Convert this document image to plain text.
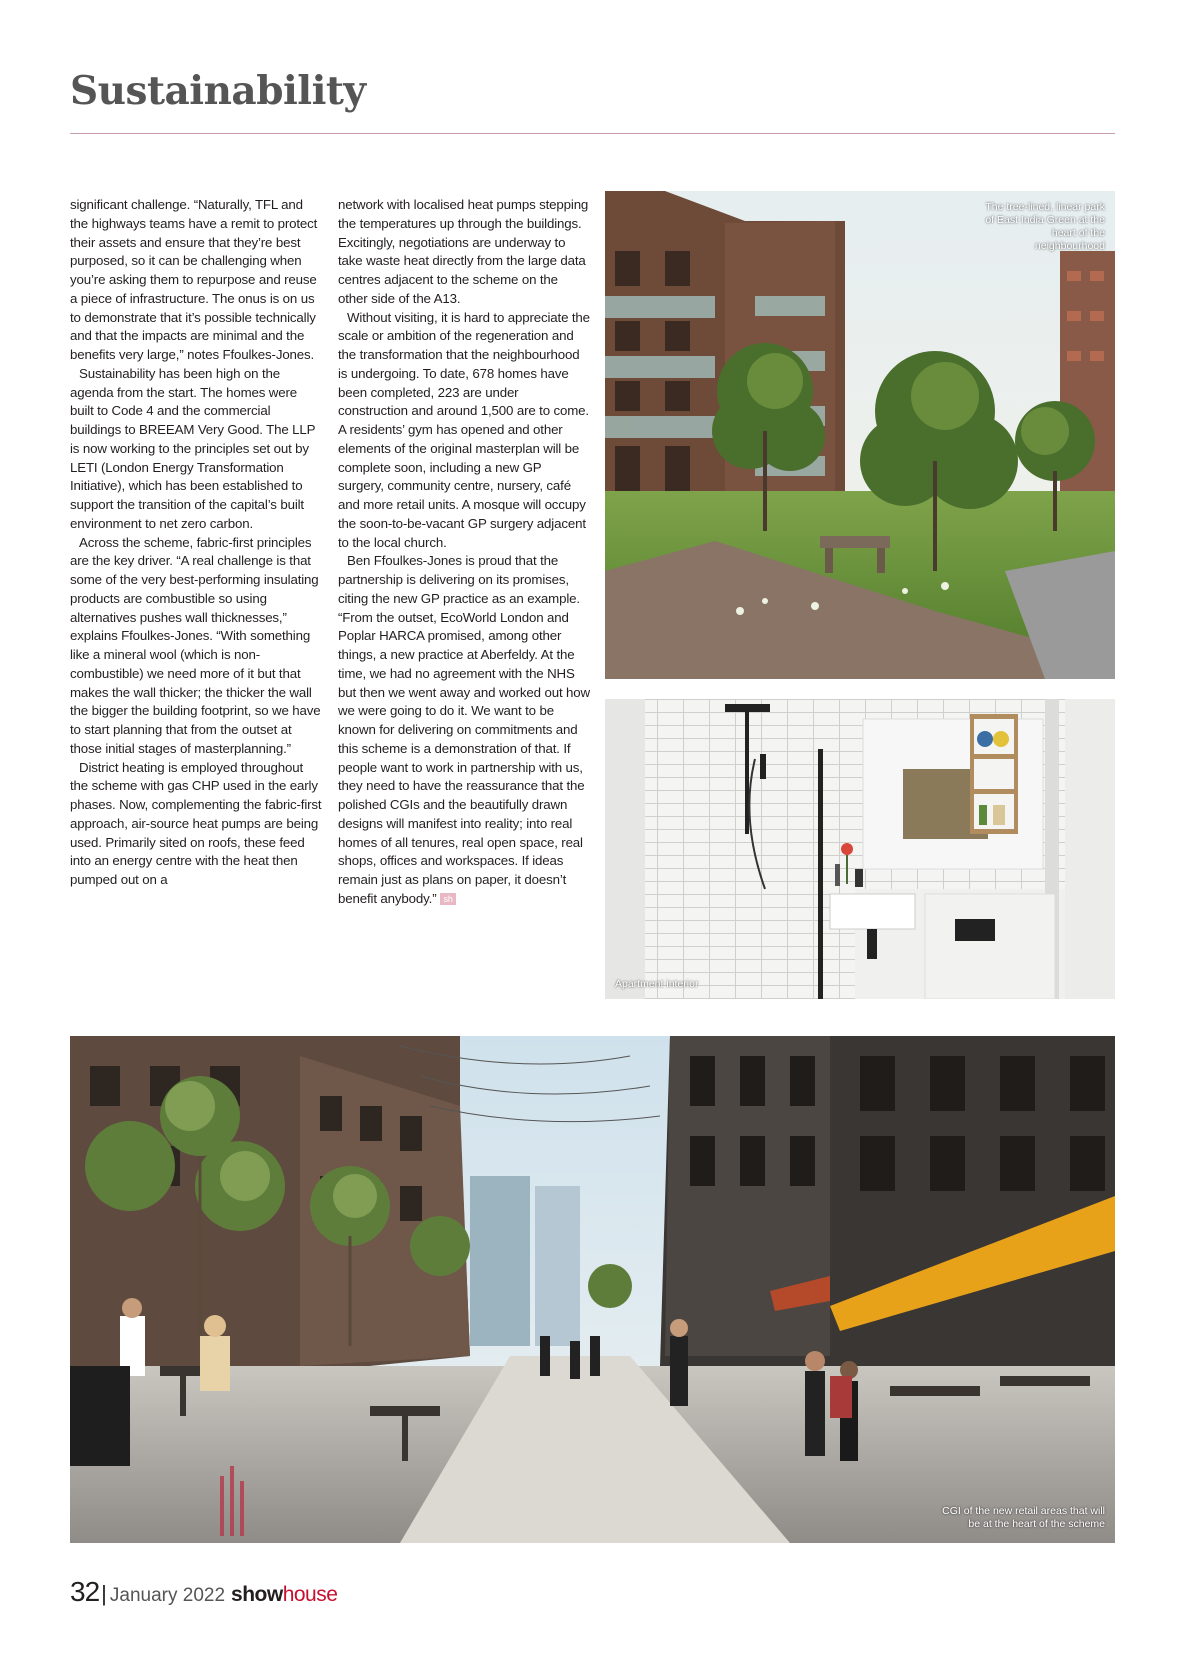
Sustainability

significant challenge. “Naturally, TFL and the highways teams have a remit to protect their assets and ensure that they’re best purposed, so it can be challenging when you’re asking them to repurpose and reuse a piece of infrastructure. The onus is on us to demonstrate that it’s possible technically and that the impacts are minimal and the benefits very large,” notes Ffoulkes-Jones.

Sustainability has been high on the agenda from the start. The homes were built to Code 4 and the commercial buildings to BREEAM Very Good. The LLP is now working to the principles set out by LETI (London Energy Transformation Initiative), which has been established to support the transition of the capital’s built environment to net zero carbon.

Across the scheme, fabric-first principles are the key driver. “A real challenge is that some of the very best-performing insulating products are combustible so using alternatives pushes wall thicknesses,” explains Ffoulkes-Jones. “With something like a mineral wool (which is non-combustible) we need more of it but that makes the wall thicker; the thicker the wall the bigger the building footprint, so we have to start planning that from the outset at those initial stages of masterplanning.”

District heating is employed throughout the scheme with gas CHP used in the early phases. Now, complementing the fabric-first approach, air-source heat pumps are being used. Primarily sited on roofs, these feed into an energy centre with the heat then pumped out on a

network with localised heat pumps stepping the temperatures up through the buildings. Excitingly, negotiations are underway to take waste heat directly from the large data centres adjacent to the scheme on the other side of the A13.

Without visiting, it is hard to appreciate the scale or ambition of the regeneration and the transformation that the neighbourhood is undergoing. To date, 678 homes have been completed, 223 are under construction and around 1,500 are to come. A residents’ gym has opened and other elements of the original masterplan will be complete soon, including a new GP surgery, community centre, nursery, café and more retail units. A mosque will occupy the soon-to-be-vacant GP surgery adjacent to the local church.

Ben Ffoulkes-Jones is proud that the partnership is delivering on its promises, citing the new GP practice as an example. “From the outset, EcoWorld London and Poplar HARCA promised, among other things, a new practice at Aberfeldy. At the time, we had no agreement with the NHS but then we went away and worked out how we were going to do it. We want to be known for delivering on commitments and this scheme is a demonstration of that. If people want to work in partnership with us, they need to have the reassurance that the polished CGIs and the beautifully drawn designs will manifest into reality; into real homes of all tenures, real open space, real shops, offices and workspaces. If ideas remain just as plans on paper, it doesn’t benefit anybody.” sh

The tree-lined, linear park of East India Green at the heart of the neighbourhood
Apartment interior
CGI of the new retail areas that will be at the heart of the scheme
32 | January 2022 show house
